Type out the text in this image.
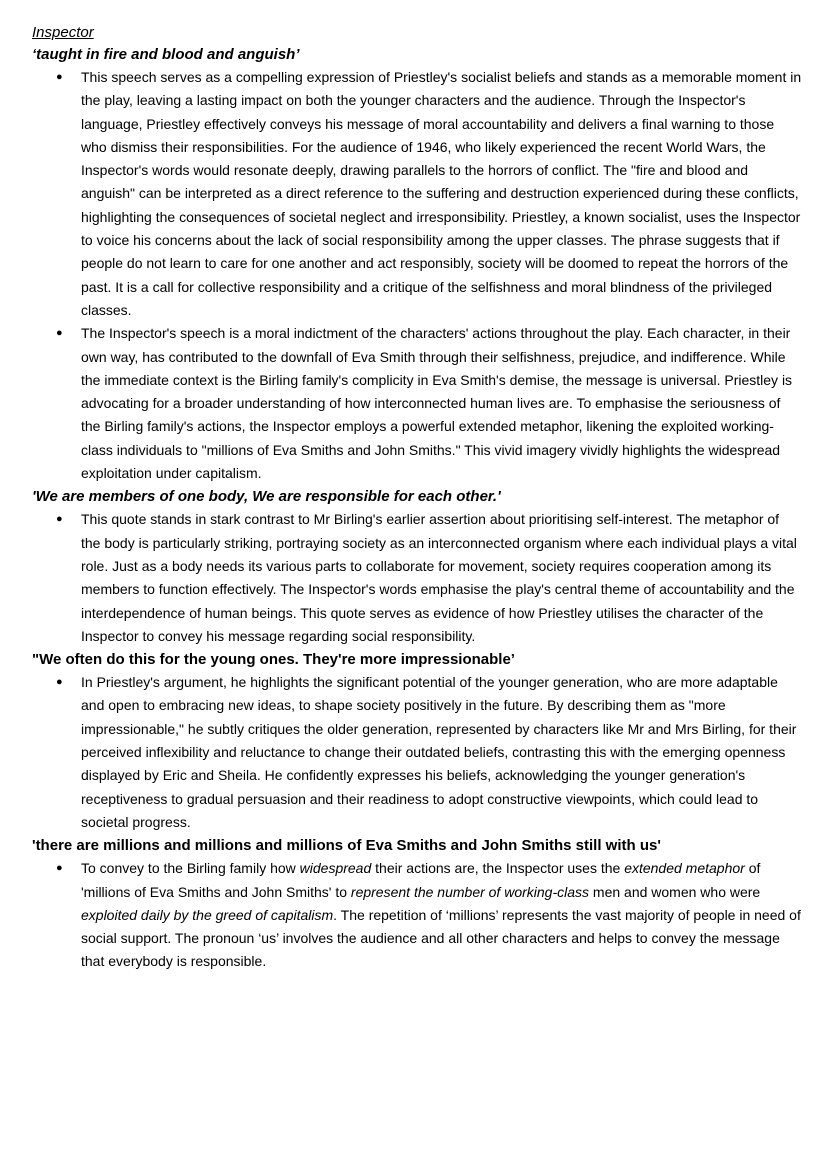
Inspector

‘taught in fire and blood and anguish’

● This speech serves as a compelling expression of Priestley's socialist beliefs and stands as a memorable moment in the play, leaving a lasting impact on both the younger characters and the audience. Through the Inspector's language, Priestley effectively conveys his message of moral accountability and delivers a final warning to those who dismiss their responsibilities. For the audience of 1946, who likely experienced the recent World Wars, the Inspector's words would resonate deeply, drawing parallels to the horrors of conflict. The "fire and blood and anguish" can be interpreted as a direct reference to the suffering and destruction experienced during these conflicts, highlighting the consequences of societal neglect and irresponsibility. Priestley, a known socialist, uses the Inspector to voice his concerns about the lack of social responsibility among the upper classes. The phrase suggests that if people do not learn to care for one another and act responsibly, society will be doomed to repeat the horrors of the past. It is a call for collective responsibility and a critique of the selfishness and moral blindness of the privileged classes.
● The Inspector's speech is a moral indictment of the characters' actions throughout the play. Each character, in their own way, has contributed to the downfall of Eva Smith through their selfishness, prejudice, and indifference. While the immediate context is the Birling family's complicity in Eva Smith's demise, the message is universal. Priestley is advocating for a broader understanding of how interconnected human lives are. To emphasise the seriousness of the Birling family's actions, the Inspector employs a powerful extended metaphor, likening the exploited working-class individuals to "millions of Eva Smiths and John Smiths." This vivid imagery vividly highlights the widespread exploitation under capitalism.

'We are members of one body, We are responsible for each other.'

● This quote stands in stark contrast to Mr Birling's earlier assertion about prioritising self-interest. The metaphor of the body is particularly striking, portraying society as an interconnected organism where each individual plays a vital role. Just as a body needs its various parts to collaborate for movement, society requires cooperation among its members to function effectively. The Inspector's words emphasise the play's central theme of accountability and the interdependence of human beings. This quote serves as evidence of how Priestley utilises the character of the Inspector to convey his message regarding social responsibility.

"We often do this for the young ones. They're more impressionable’

● In Priestley's argument, he highlights the significant potential of the younger generation, who are more adaptable and open to embracing new ideas, to shape society positively in the future. By describing them as "more impressionable," he subtly critiques the older generation, represented by characters like Mr and Mrs Birling, for their perceived inflexibility and reluctance to change their outdated beliefs, contrasting this with the emerging openness displayed by Eric and Sheila. He confidently expresses his beliefs, acknowledging the younger generation's receptiveness to gradual persuasion and their readiness to adopt constructive viewpoints, which could lead to societal progress.

'there are millions and millions and millions of Eva Smiths and John Smiths still with us'

● To convey to the Birling family how widespread their actions are, the Inspector uses the extended metaphor of 'millions of Eva Smiths and John Smiths' to represent the number of working-class men and women who were exploited daily by the greed of capitalism. The repetition of ‘millions’ represents the vast majority of people in need of social support. The pronoun ‘us’ involves the audience and all other characters and helps to convey the message that everybody is responsible.
